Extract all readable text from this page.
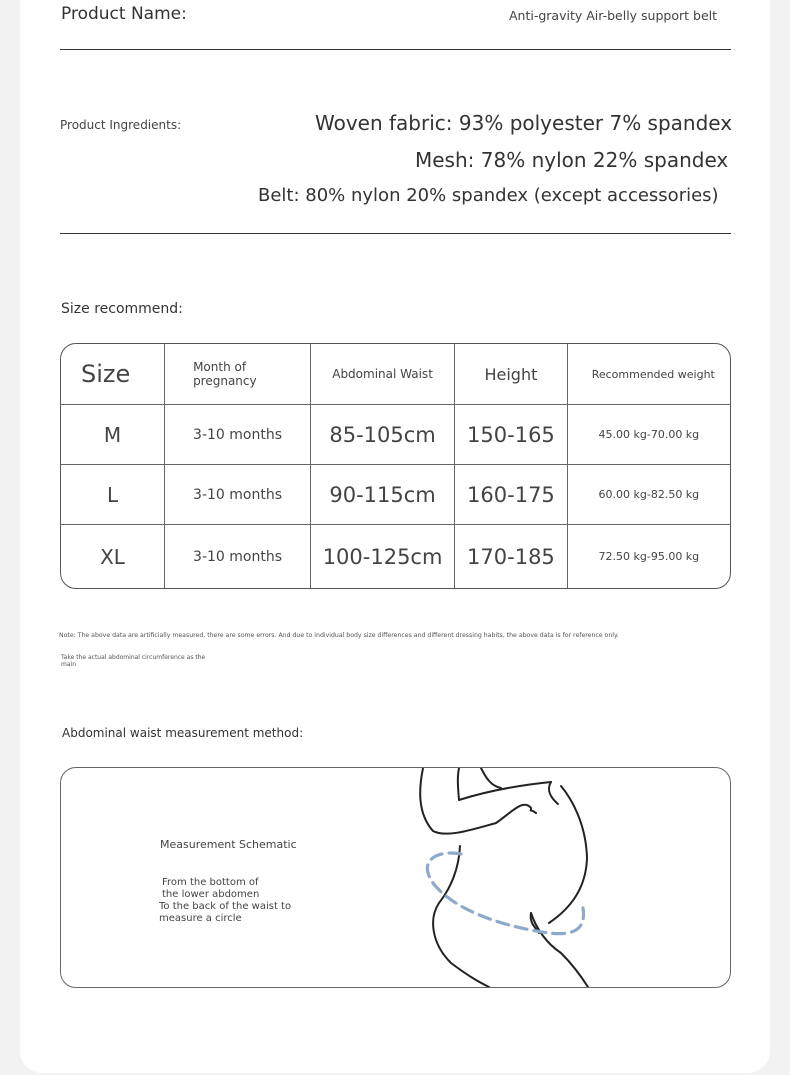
Product Name:	Anti-gravity Air-belly support belt
Product Ingredients:	Woven fabric: 93% polyester 7% spandex
Mesh: 78% nylon 22% spandex
Belt: 80% nylon 20% spandex (except accessories)
Size recommend:
Size	Month of pregnancy	Abdominal Waist	Height	Recommended weight
M	3-10 months	85-105cm	150-165	45.00 kg-70.00 kg
L	3-10 months	90-115cm	160-175	60.00 kg-82.50 kg
XL	3-10 months	100-125cm	170-185	72.50 kg-95.00 kg
Note: The above data are artificially measured, there are some errors. And due to individual body size differences and different dressing habits, the above data is for reference only.
Take the actual abdominal circumference as the main
Abdominal waist measurement method:
Measurement Schematic
From the bottom of
the lower abdomen
To the back of the waist to
measure a circle
